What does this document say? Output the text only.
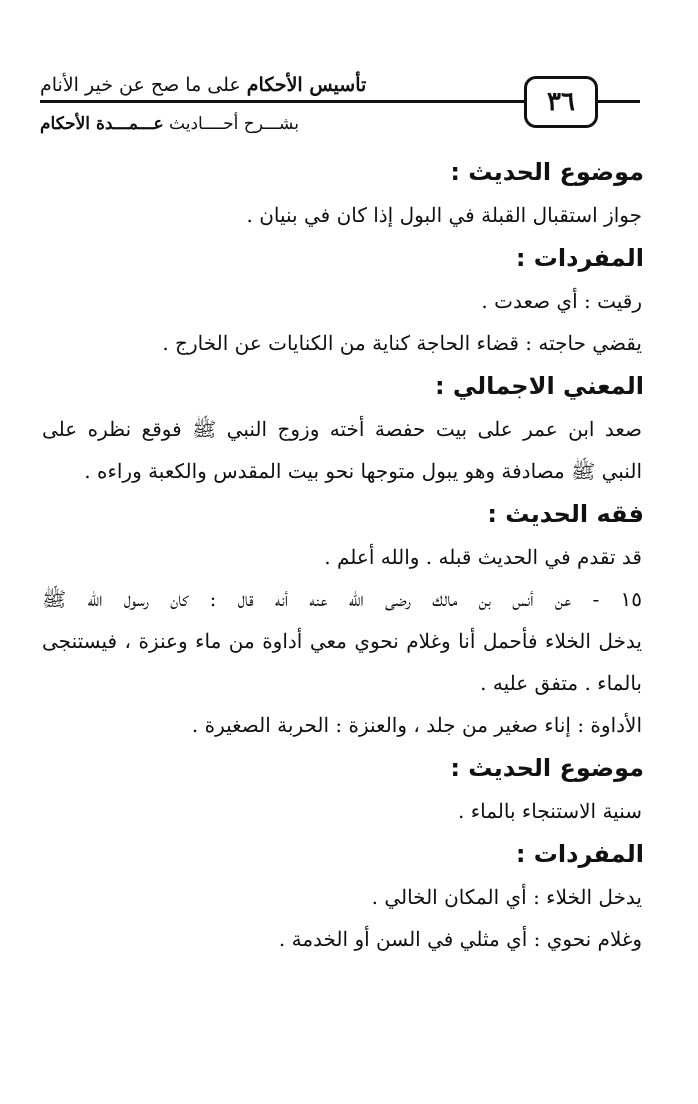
تأسيس الأحكام على ما صح عن خير الأنام
٣٦
بشـــرح أحــــاديث عـــمـــدة الأحكام
موضوع الحديث :
جواز استقبال القبلة في البول إذا كان في بنيان .
المفردات :
رقيت : أي صعدت .
يقضي حاجته : قضاء الحاجة كناية من الكنايات عن الخارج .
المعني الاجمالي :
صعد ابن عمر على بيت حفصة أخته وزوج النبي ﷺ فوقع نظره على
النبي ﷺ مصادفة وهو يبول متوجها نحو بيت المقدس والكعبة وراءه .
فقه الحديث :
قد تقدم في الحديث قبله . والله أعلم .
١٥ - عن أنس بن مالك رضى الله عنه أنه قال : كان رسول الله ﷺ
يدخل الخلاء فأحمل أنا وغلام نحوي معي أداوة من ماء وعنزة ، فيستنجى
بالماء . متفق عليه .
الأداوة : إناء صغير من جلد ، والعنزة : الحربة الصغيرة .
موضوع الحديث :
سنية الاستنجاء بالماء .
المفردات :
يدخل الخلاء : أي المكان الخالي .
وغلام نحوي : أي مثلي في السن أو الخدمة .
